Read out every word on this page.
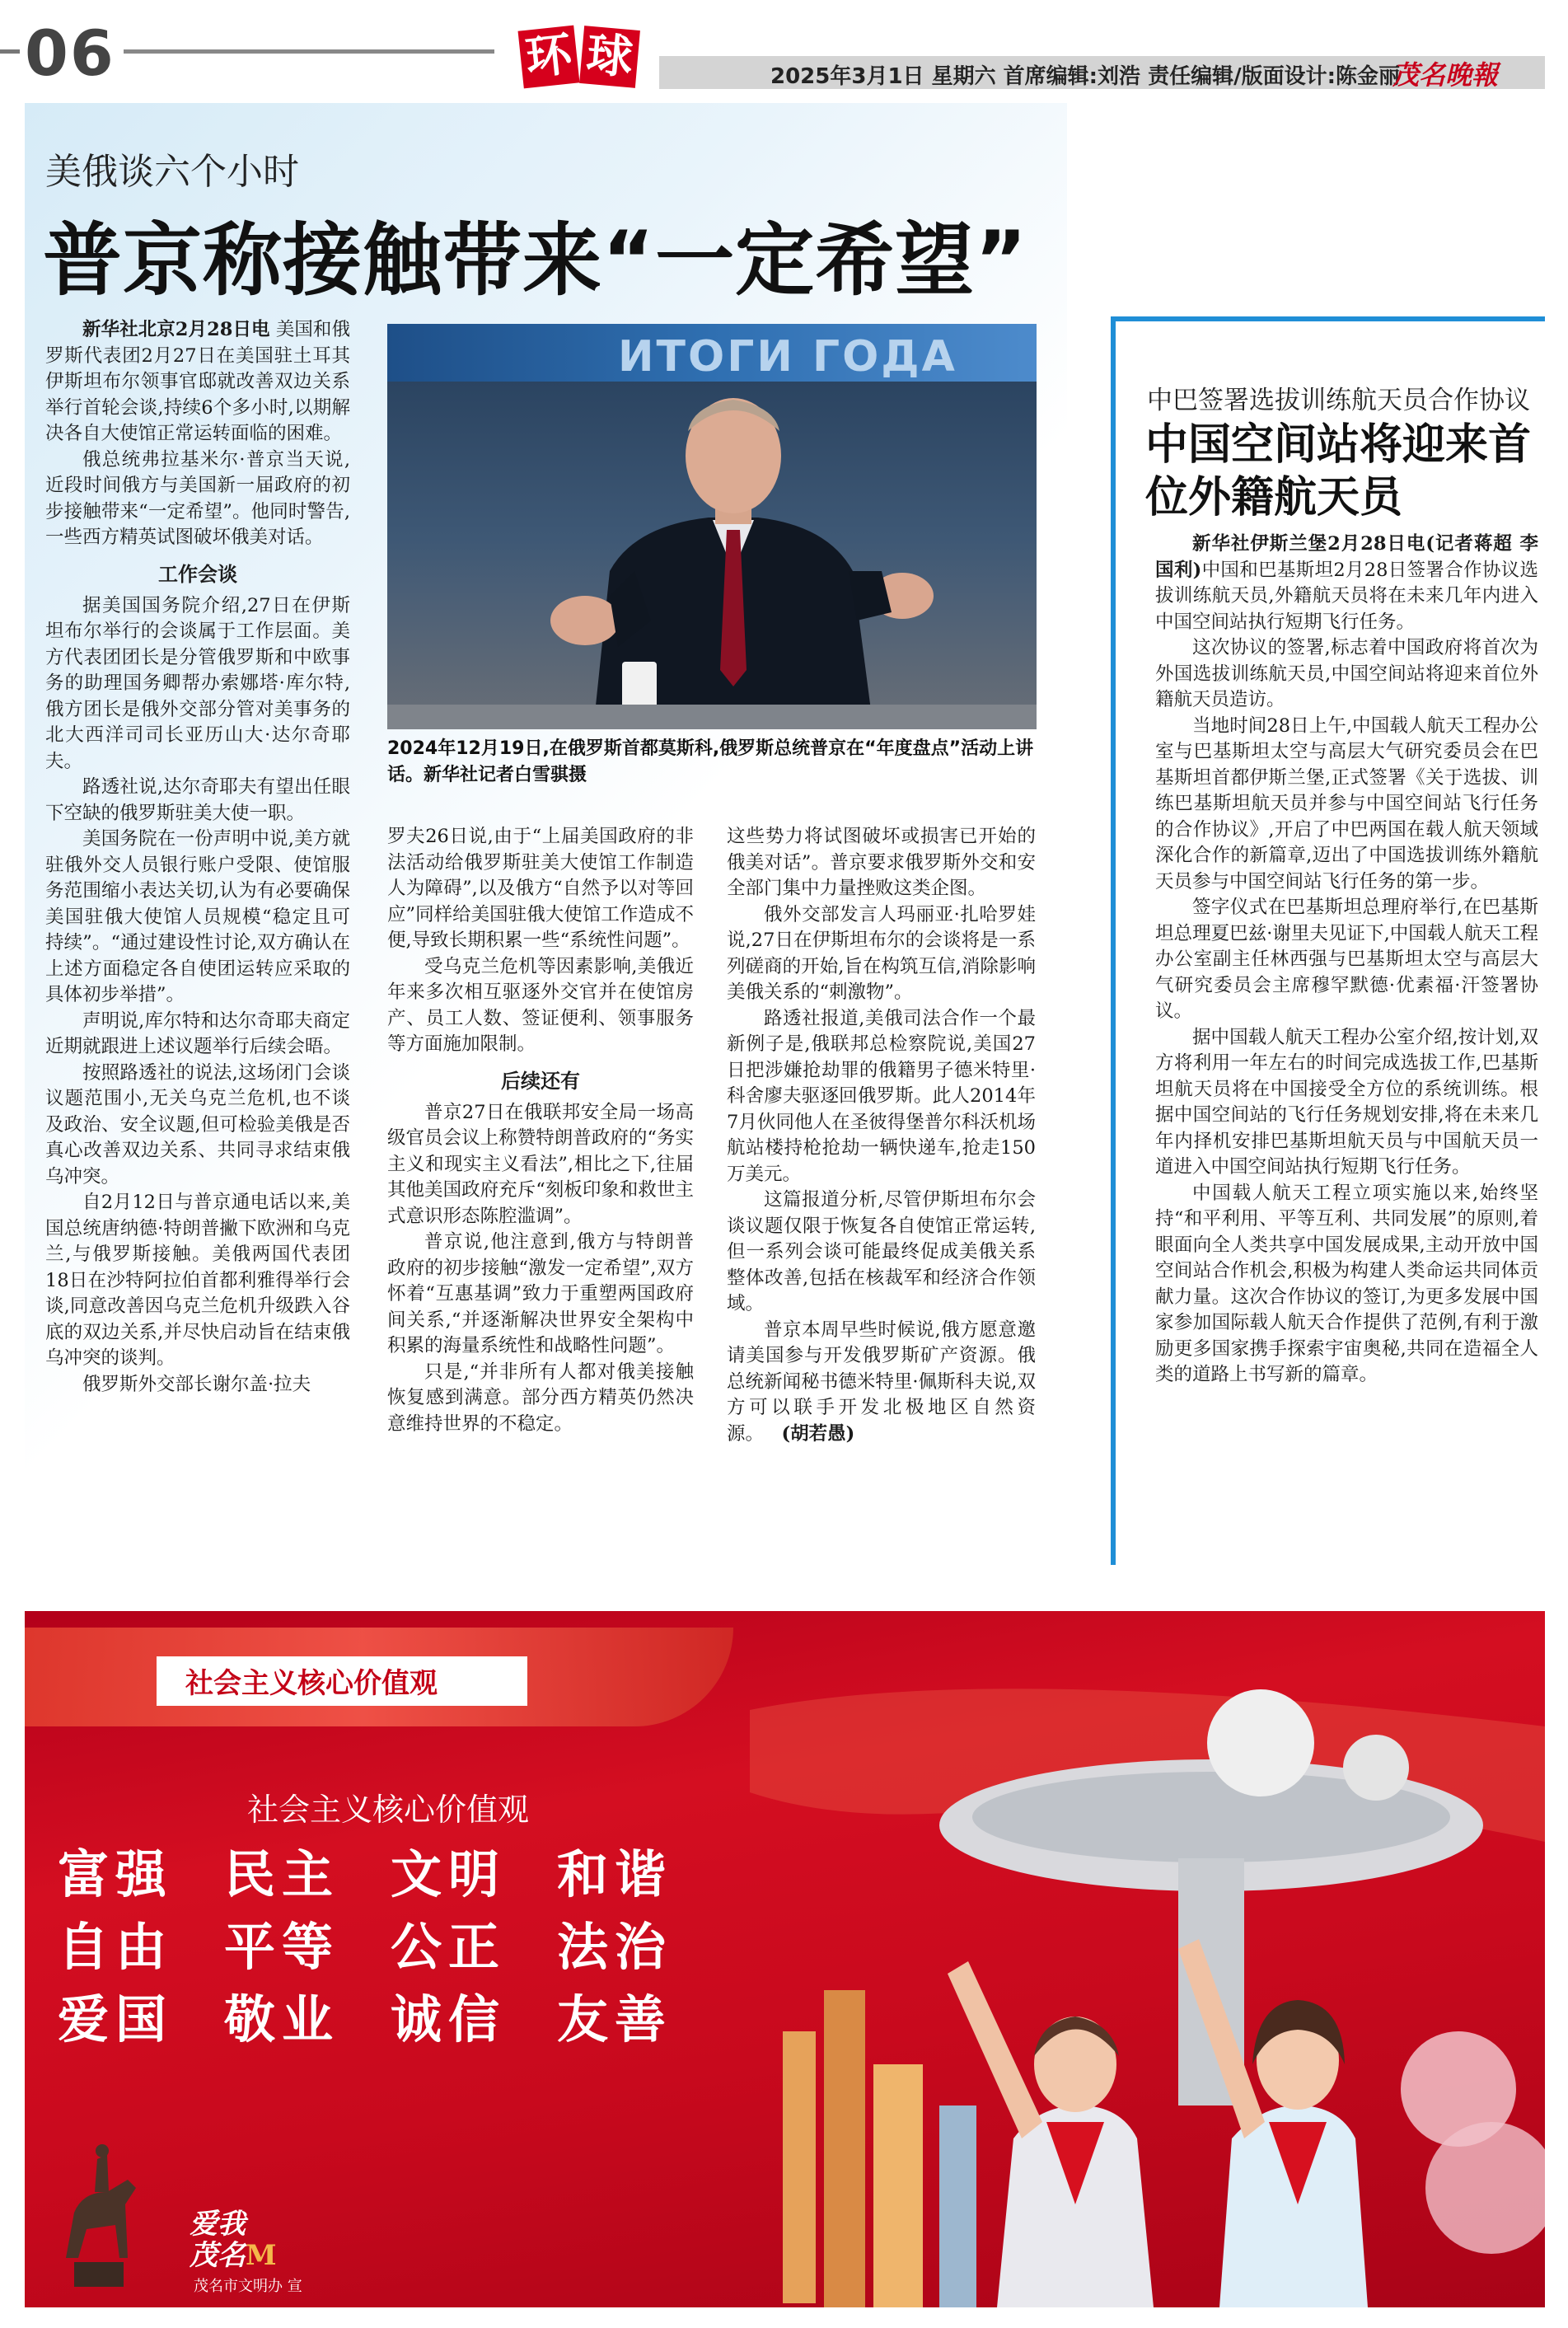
06	环 球	2025年3月1日 星期六 首席编辑:刘浩 责任编辑/版面设计:陈金丽
茂名晚報
美俄谈六个小时
普京称接触带来“一定希望”

新华社北京2月28日电 美国和俄罗斯代表团2月27日在美国驻土耳其伊斯坦布尔领事官邸就改善双边关系举行首轮会谈,持续6个多小时,以期解决各自大使馆正常运转面临的困难。

俄总统弗拉基米尔·普京当天说,近段时间俄方与美国新一届政府的初步接触带来“一定希望”。他同时警告,一些西方精英试图破坏俄美对话。

工作会谈

据美国国务院介绍,27日在伊斯坦布尔举行的会谈属于工作层面。美方代表团团长是分管俄罗斯和中欧事务的助理国务卿帮办索娜塔·库尔特,俄方团长是俄外交部分管对美事务的北大西洋司司长亚历山大·达尔奇耶夫。

路透社说,达尔奇耶夫有望出任眼下空缺的俄罗斯驻美大使一职。

美国务院在一份声明中说,美方就驻俄外交人员银行账户受限、使馆服务范围缩小表达关切,认为有必要确保美国驻俄大使馆人员规模“稳定且可持续”。“通过建设性讨论,双方确认在上述方面稳定各自使团运转应采取的具体初步举措”。

声明说,库尔特和达尔奇耶夫商定近期就跟进上述议题举行后续会晤。

按照路透社的说法,这场闭门会谈议题范围小,无关乌克兰危机,也不谈及政治、安全议题,但可检验美俄是否真心改善双边关系、共同寻求结束俄乌冲突。

自2月12日与普京通电话以来,美国总统唐纳德·特朗普撇下欧洲和乌克兰,与俄罗斯接触。美俄两国代表团18日在沙特阿拉伯首都利雅得举行会谈,同意改善因乌克兰危机升级跌入谷底的双边关系,并尽快启动旨在结束俄乌冲突的谈判。

俄罗斯外交部长谢尔盖·拉夫

ИТОГИ ГОДА
2024年12月19日,在俄罗斯首都莫斯科,俄罗斯总统普京在“年度盘点”活动上讲话。新华社记者白雪骐摄

罗夫26日说,由于“上届美国政府的非法活动给俄罗斯驻美大使馆工作制造人为障碍”,以及俄方“自然予以对等回应”同样给美国驻俄大使馆工作造成不便,导致长期积累一些“系统性问题”。

受乌克兰危机等因素影响,美俄近年来多次相互驱逐外交官并在使馆房产、员工人数、签证便利、领事服务等方面施加限制。

后续还有

普京27日在俄联邦安全局一场高级官员会议上称赞特朗普政府的“务实主义和现实主义看法”,相比之下,往届其他美国政府充斥“刻板印象和救世主式意识形态陈腔滥调”。

普京说,他注意到,俄方与特朗普政府的初步接触“激发一定希望”,双方怀着“互惠基调”致力于重塑两国政府间关系,“并逐渐解决世界安全架构中积累的海量系统性和战略性问题”。

只是,“并非所有人都对俄美接触恢复感到满意。部分西方精英仍然决意维持世界的不稳定。

这些势力将试图破坏或损害已开始的俄美对话”。普京要求俄罗斯外交和安全部门集中力量挫败这类企图。

俄外交部发言人玛丽亚·扎哈罗娃说,27日在伊斯坦布尔的会谈将是一系列磋商的开始,旨在构筑互信,消除影响美俄关系的“刺激物”。

路透社报道,美俄司法合作一个最新例子是,俄联邦总检察院说,美国27日把涉嫌抢劫罪的俄籍男子德米特里·科舍廖夫驱逐回俄罗斯。此人2014年7月伙同他人在圣彼得堡普尔科沃机场航站楼持枪抢劫一辆快递车,抢走150万美元。

这篇报道分析,尽管伊斯坦布尔会谈议题仅限于恢复各自使馆正常运转,但一系列会谈可能最终促成美俄关系整体改善,包括在核裁军和经济合作领域。

普京本周早些时候说,俄方愿意邀请美国参与开发俄罗斯矿产资源。俄总统新闻秘书德米特里·佩斯科夫说,双方可以联手开发北极地区自然资源。 (胡若愚)

中巴签署选拔训练航天员合作协议
中国空间站将迎来首位外籍航天员

新华社伊斯兰堡2月28日电(记者蒋超 李国利)中国和巴基斯坦2月28日签署合作协议选拔训练航天员,外籍航天员将在未来几年内进入中国空间站执行短期飞行任务。

这次协议的签署,标志着中国政府将首次为外国选拔训练航天员,中国空间站将迎来首位外籍航天员造访。

当地时间28日上午,中国载人航天工程办公室与巴基斯坦太空与高层大气研究委员会在巴基斯坦首都伊斯兰堡,正式签署《关于选拔、训练巴基斯坦航天员并参与中国空间站飞行任务的合作协议》,开启了中巴两国在载人航天领域深化合作的新篇章,迈出了中国选拔训练外籍航天员参与中国空间站飞行任务的第一步。

签字仪式在巴基斯坦总理府举行,在巴基斯坦总理夏巴兹·谢里夫见证下,中国载人航天工程办公室副主任林西强与巴基斯坦太空与高层大气研究委员会主席穆罕默德·优素福·汗签署协议。

据中国载人航天工程办公室介绍,按计划,双方将利用一年左右的时间完成选拔工作,巴基斯坦航天员将在中国接受全方位的系统训练。根据中国空间站的飞行任务规划安排,将在未来几年内择机安排巴基斯坦航天员与中国航天员一道进入中国空间站执行短期飞行任务。

中国载人航天工程立项实施以来,始终坚持“和平利用、平等互利、共同发展”的原则,着眼面向全人类共享中国发展成果,主动开放中国空间站合作机会,积极为构建人类命运共同体贡献力量。这次合作协议的签订,为更多发展中国家参加国际载人航天合作提供了范例,有利于激励更多国家携手探索宇宙奥秘,共同在造福全人类的道路上书写新的篇章。

社会主义核心价值观
社会主义核心价值观
富强 民主 文明 和谐
自由 平等 公正 法治
爱国 敬业 诚信 友善
爱我
茂名M
茂名市文明办 宣
